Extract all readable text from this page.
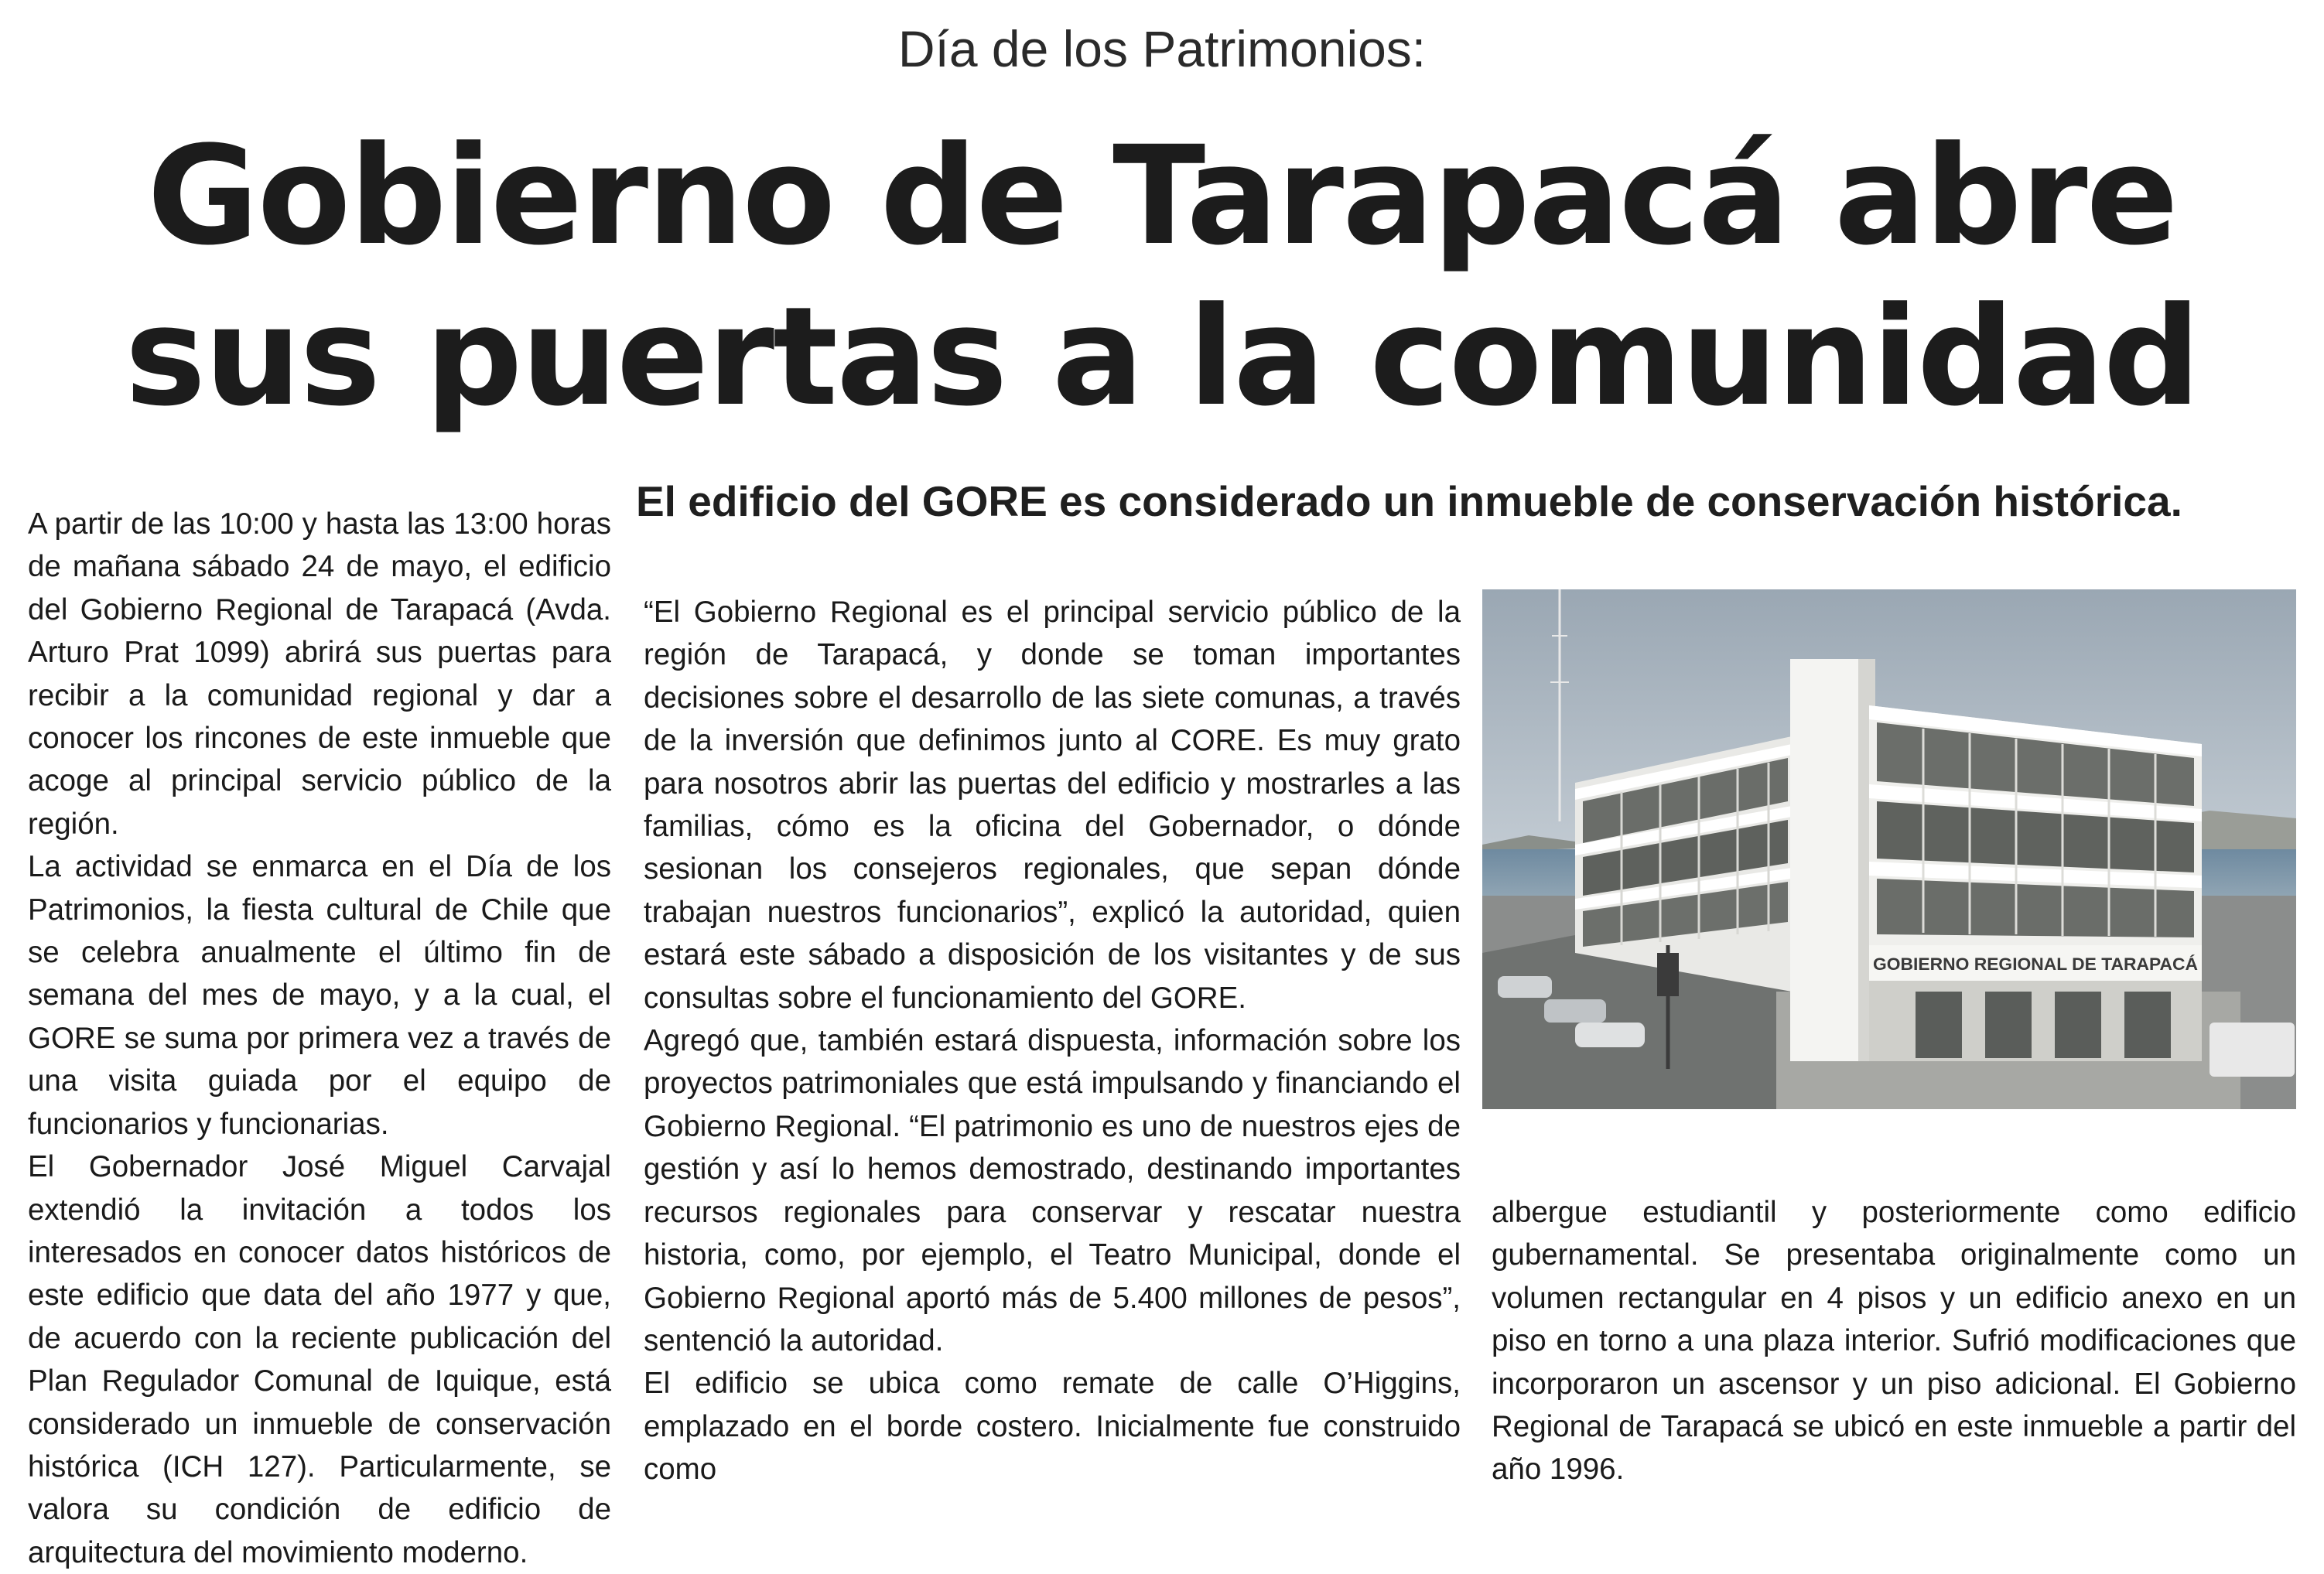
Día de los Patrimonios:
Gobierno de Tarapacá abre
sus puertas a la comunidad
El edificio del GORE es considerado un inmueble de conservación histórica.

A partir de las 10:00 y hasta las 13:00 horas de mañana sábado 24 de mayo, el edificio del Gobierno Regional de Tarapacá (Avda. Arturo Prat 1099) abrirá sus puertas para recibir a la comunidad regional y dar a conocer los rincones de este inmueble que acoge al principal servicio público de la región.

La actividad se enmarca en el Día de los Patrimonios, la fiesta cultural de Chile que se celebra anualmente el último fin de semana del mes de mayo, y a la cual, el GORE se suma por primera vez a través de una visita guiada por el equipo de funcionarios y funcionarias.

El Gobernador José Miguel Carvajal extendió la invitación a todos los interesados en conocer datos históricos de este edificio que data del año 1977 y que, de acuerdo con la reciente publicación del Plan Regulador Comunal de Iquique, está considerado un inmueble de conservación histórica (ICH 127). Particularmente, se valora su condición de edificio de arquitectura del movimiento moderno.

“El Gobierno Regional es el principal servicio público de la región de Tarapacá, y donde se toman importantes decisiones sobre el desarrollo de las siete comunas, a través de la inversión que definimos junto al CORE. Es muy grato para nosotros abrir las puertas del edificio y mostrarles a las familias, cómo es la oficina del Gobernador, o dónde sesionan los consejeros regionales, que sepan dónde trabajan nuestros funcionarios”, explicó la autoridad, quien estará este sábado a disposición de los visitantes y de sus consultas sobre el funcionamiento del GORE.

Agregó que, también estará dispuesta, información sobre los proyectos patrimoniales que está impulsando y financiando el Gobierno Regional. “El patrimonio es uno de nuestros ejes de gestión y así lo hemos demostrado, destinando importantes recursos regionales para conservar y rescatar nuestra historia, como, por ejemplo, el Teatro Municipal, donde el Gobierno Regional aportó más de 5.400 millones de pesos”, sentenció la autoridad.

El edificio se ubica como remate de calle O’Higgins, emplazado en el borde costero. Inicialmente fue construido como

albergue estudiantil y posteriormente como edificio gubernamental. Se presentaba originalmente como un volumen rectangular en 4 pisos y un edificio anexo en un piso en torno a una plaza interior. Sufrió modificaciones que incorporaron un ascensor y un piso adicional. El Gobierno Regional de Tarapacá se ubicó en este inmueble a partir del año 1996.

GOBIERNO REGIONAL DE TARAPACÁ
